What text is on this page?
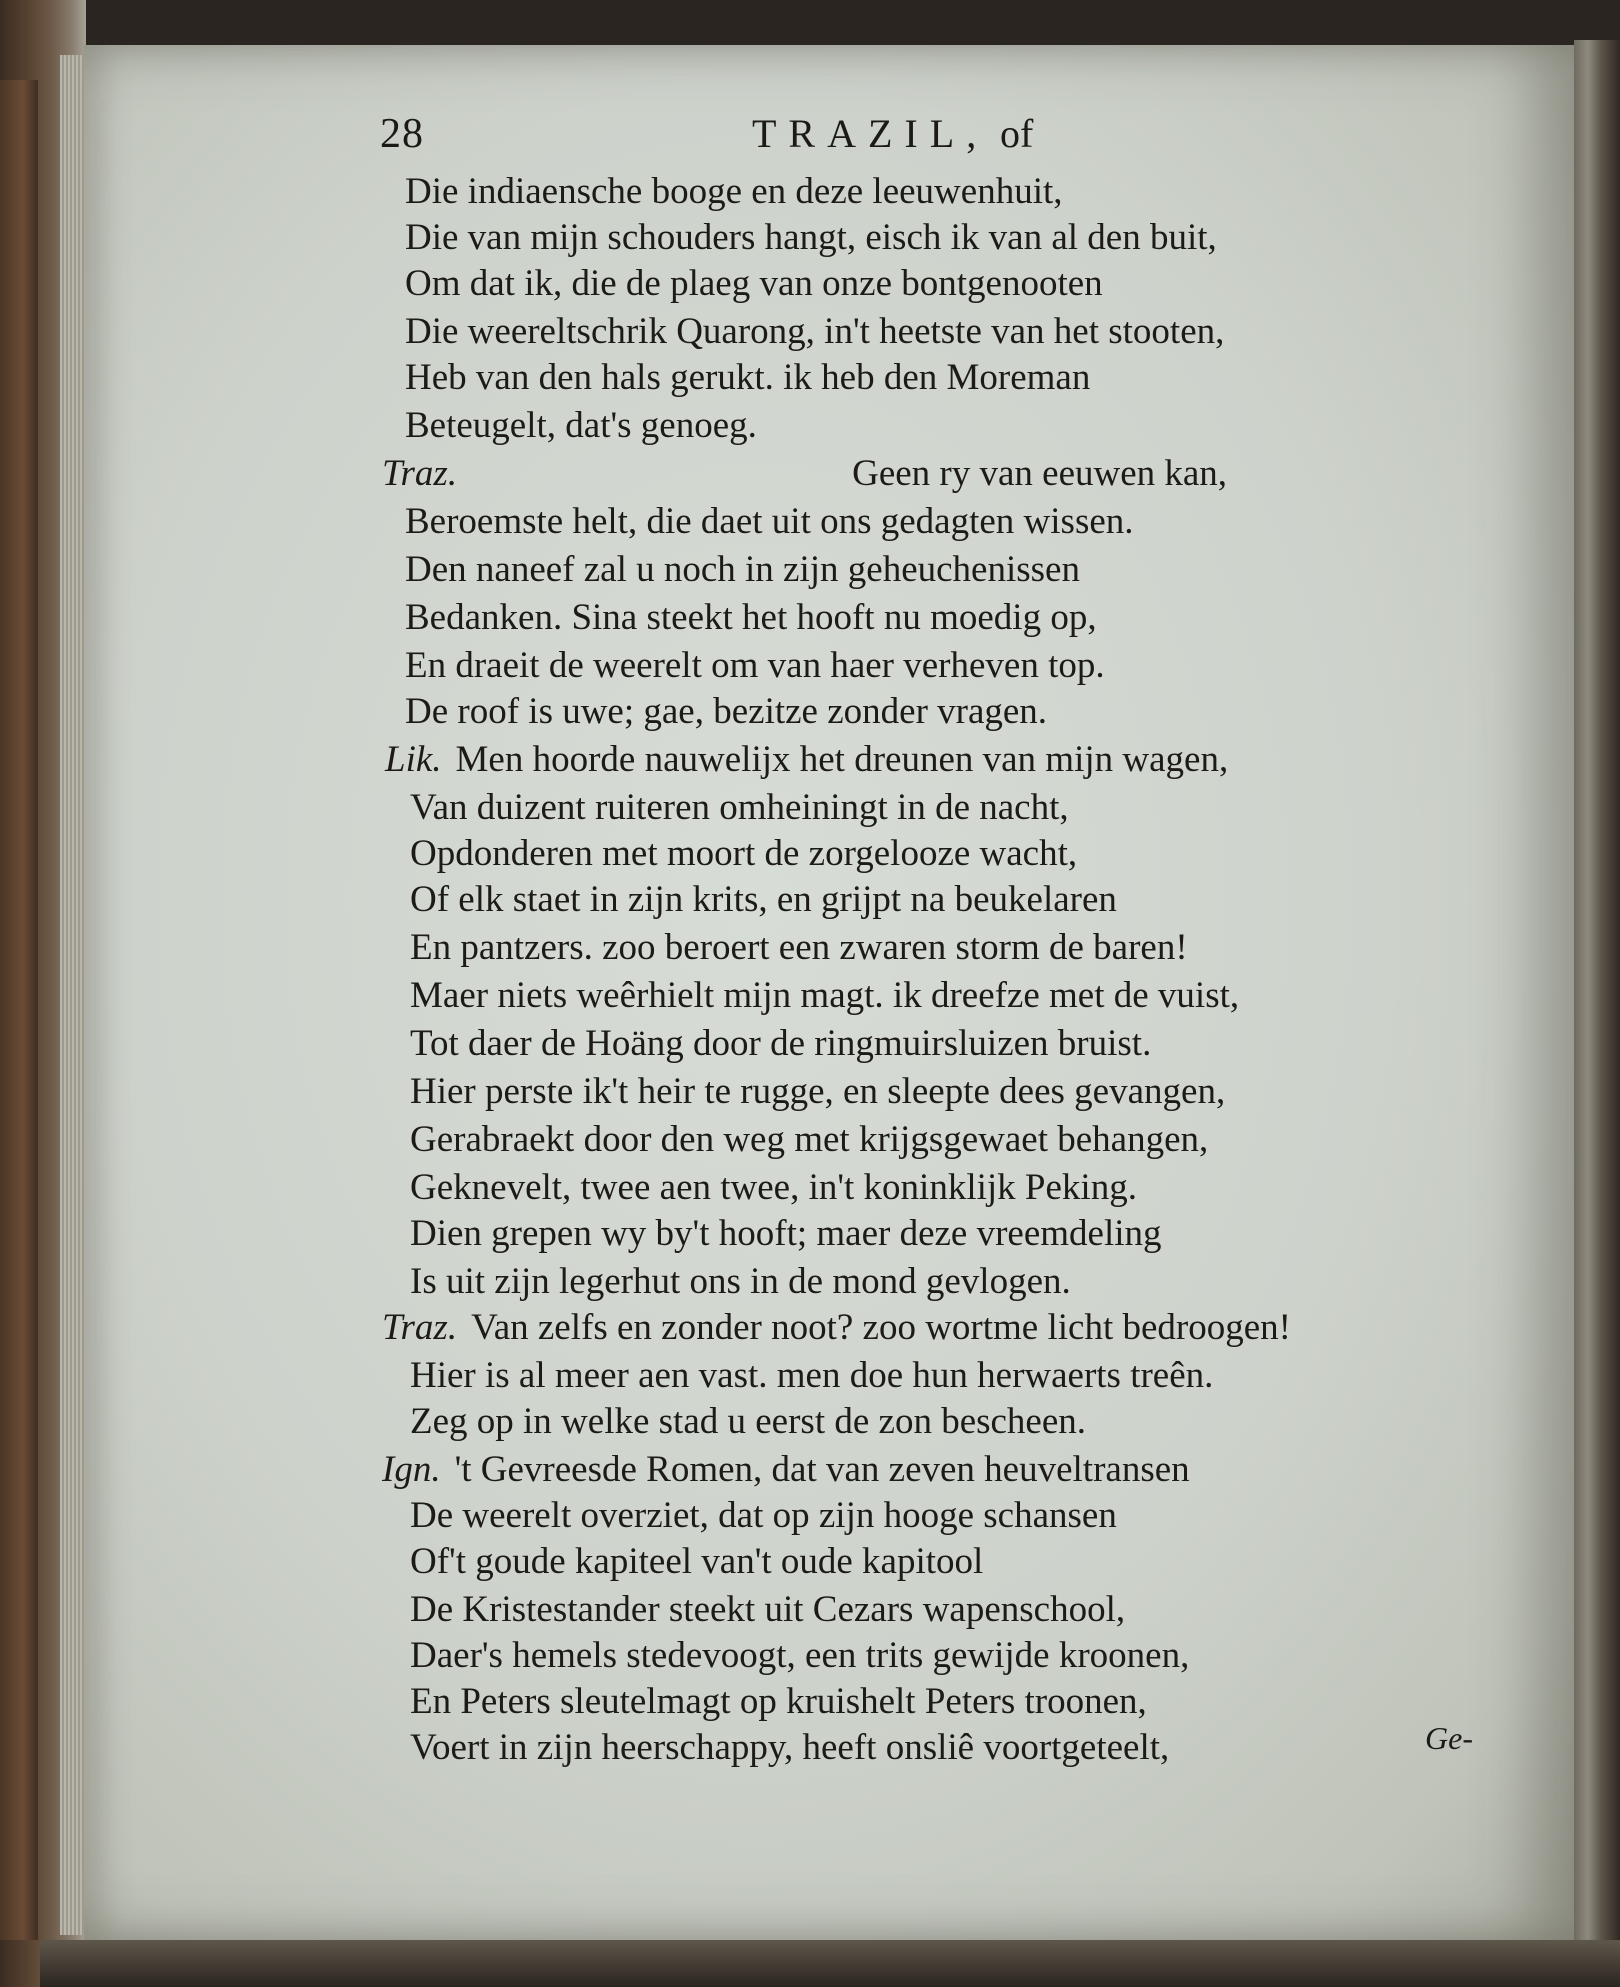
28	TRAZIL, of
Die indiaensche booge en deze leeuwenhuit,
Die van mijn schouders hangt, eisch ik van al den buit,
Om dat ik, die de plaeg van onze bontgenooten
Die weereltschrik Quarong, in't heetste van het stooten,
Heb van den hals gerukt. ik heb den Moreman
Beteugelt, dat's genoeg.
Traz.	Geen ry van eeuwen kan,
Beroemste helt, die daet uit ons gedagten wissen.
Den naneef zal u noch in zijn geheuchenissen
Bedanken. Sina steekt het hooft nu moedig op,
En draeit de weerelt om van haer verheven top.
De roof is uwe; gae, bezitze zonder vragen.
Lik. Men hoorde nauwelijx het dreunen van mijn wagen,
Van duizent ruiteren omheiningt in de nacht,
Opdonderen met moort de zorgelooze wacht,
Of elk staet in zijn krits, en grijpt na beukelaren
En pantzers. zoo beroert een zwaren storm de baren!
Maer niets weêrhielt mijn magt. ik dreefze met de vuist,
Tot daer de Hoäng door de ringmuirsluizen bruist.
Hier perste ik't heir te rugge, en sleepte dees gevangen,
Gerabraekt door den weg met krijgsgewaet behangen,
Geknevelt, twee aen twee, in't koninklijk Peking.
Dien grepen wy by't hooft; maer deze vreemdeling
Is uit zijn legerhut ons in de mond gevlogen.
Traz. Van zelfs en zonder noot? zoo wortme licht bedroogen!
Hier is al meer aen vast. men doe hun herwaerts treên.
Zeg op in welke stad u eerst de zon bescheen.
Ign. 't Gevreesde Romen, dat van zeven heuveltransen
De weerelt overziet, dat op zijn hooge schansen
Of't goude kapiteel van't oude kapitool
De Kristestander steekt uit Cezars wapenschool,
Daer's hemels stedevoogt, een trits gewijde kroonen,
En Peters sleutelmagt op kruishelt Peters troonen,
Voert in zijn heerschappy, heeft onsliê voortgeteelt,	Ge-
